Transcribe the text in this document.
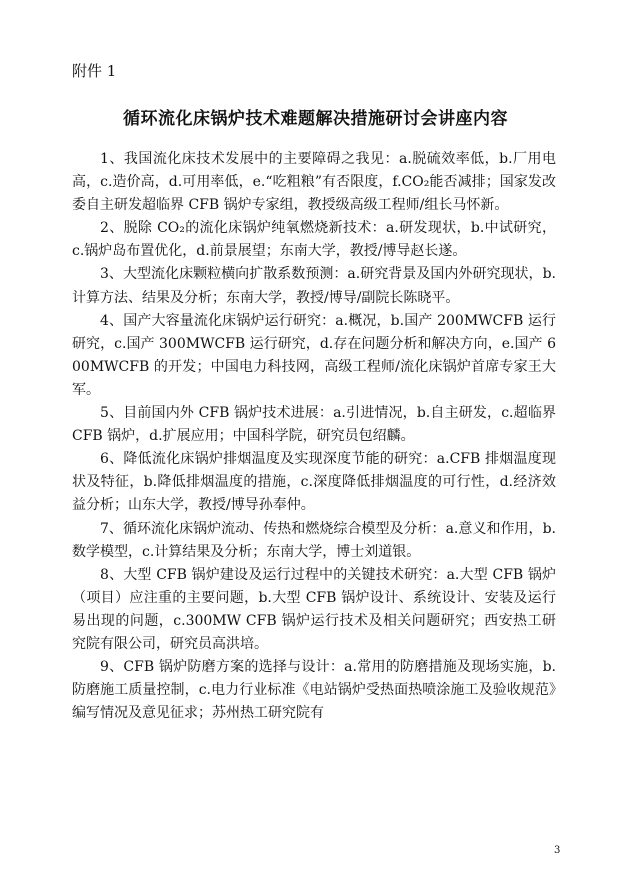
附件 1
循环流化床锅炉技术难题解决措施研讨会讲座内容

1、我国流化床技术发展中的主要障碍之我见：a.脱硫效率低，b.厂用电高，c.造价高，d.可用率低，e.“吃粗粮”有否限度，f.CO₂能否减排；国家发改委自主研发超临界 CFB 锅炉专家组，教授级高级工程师/组长马怀新。

2、脱除 CO₂的流化床锅炉纯氧燃烧新技术：a.研发现状，b.中试研究，c.锅炉岛布置优化，d.前景展望；东南大学，教授/博导赵长遂。

3、大型流化床颗粒横向扩散系数预测：a.研究背景及国内外研究现状，b.计算方法、结果及分析；东南大学，教授/博导/副院长陈晓平。

4、国产大容量流化床锅炉运行研究：a.概况，b.国产 200MWCFB 运行研究，c.国产 300MWCFB 运行研究，d.存在问题分析和解决方向，e.国产 600MWCFB 的开发；中国电力科技网，高级工程师/流化床锅炉首席专家王大军。

5、目前国内外 CFB 锅炉技术进展：a.引进情况，b.自主研发，c.超临界 CFB 锅炉，d.扩展应用；中国科学院，研究员包绍麟。

6、降低流化床锅炉排烟温度及实现深度节能的研究：a.CFB 排烟温度现状及特征，b.降低排烟温度的措施，c.深度降低排烟温度的可行性，d.经济效益分析；山东大学，教授/博导孙奉仲。

7、循环流化床锅炉流动、传热和燃烧综合模型及分析：a.意义和作用，b.数学模型，c.计算结果及分析；东南大学，博士刘道银。

8、大型 CFB 锅炉建设及运行过程中的关键技术研究：a.大型 CFB 锅炉（项目）应注重的主要问题，b.大型 CFB 锅炉设计、系统设计、安装及运行易出现的问题，c.300MW CFB 锅炉运行技术及相关问题研究；西安热工研究院有限公司，研究员高洪培。

9、CFB 锅炉防磨方案的选择与设计：a.常用的防磨措施及现场实施，b.防磨施工质量控制，c.电力行业标准《电站锅炉受热面热喷涂施工及验收规范》编写情况及意见征求；苏州热工研究院有

3
